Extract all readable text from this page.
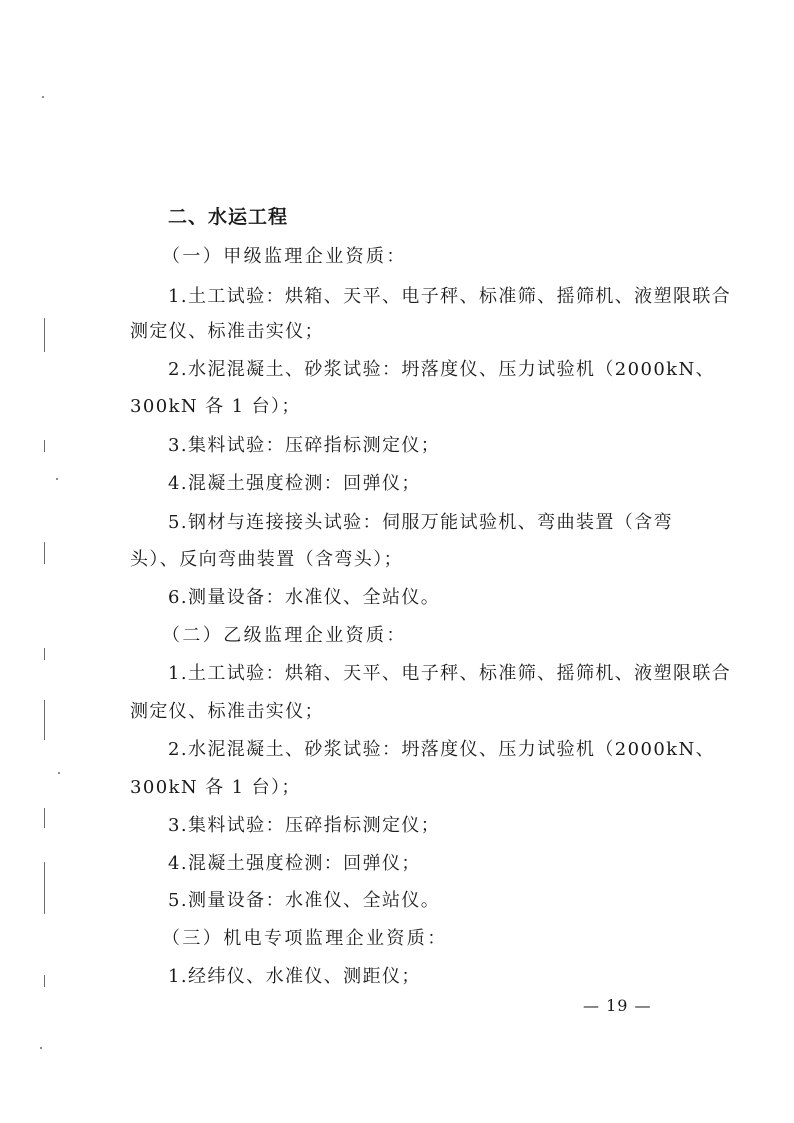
二、水运工程
（一）甲级监理企业资质：
1.土工试验：烘箱、天平、电子秤、标准筛、摇筛机、液塑限联合
测定仪、标准击实仪；
2.水泥混凝土、砂浆试验：坍落度仪、压力试验机（2000kN、
300kN 各 1 台）；
3.集料试验：压碎指标测定仪；
4.混凝土强度检测：回弹仪；
5.钢材与连接接头试验：伺服万能试验机、弯曲装置（含弯
头）、反向弯曲装置（含弯头）；
6.测量设备：水准仪、全站仪。
（二）乙级监理企业资质：
1.土工试验：烘箱、天平、电子秤、标准筛、摇筛机、液塑限联合
测定仪、标准击实仪；
2.水泥混凝土、砂浆试验：坍落度仪、压力试验机（2000kN、
300kN 各 1 台）；
3.集料试验：压碎指标测定仪；
4.混凝土强度检测：回弹仪；
5.测量设备：水准仪、全站仪。
（三）机电专项监理企业资质：
1.经纬仪、水准仪、测距仪；
— 19 —
